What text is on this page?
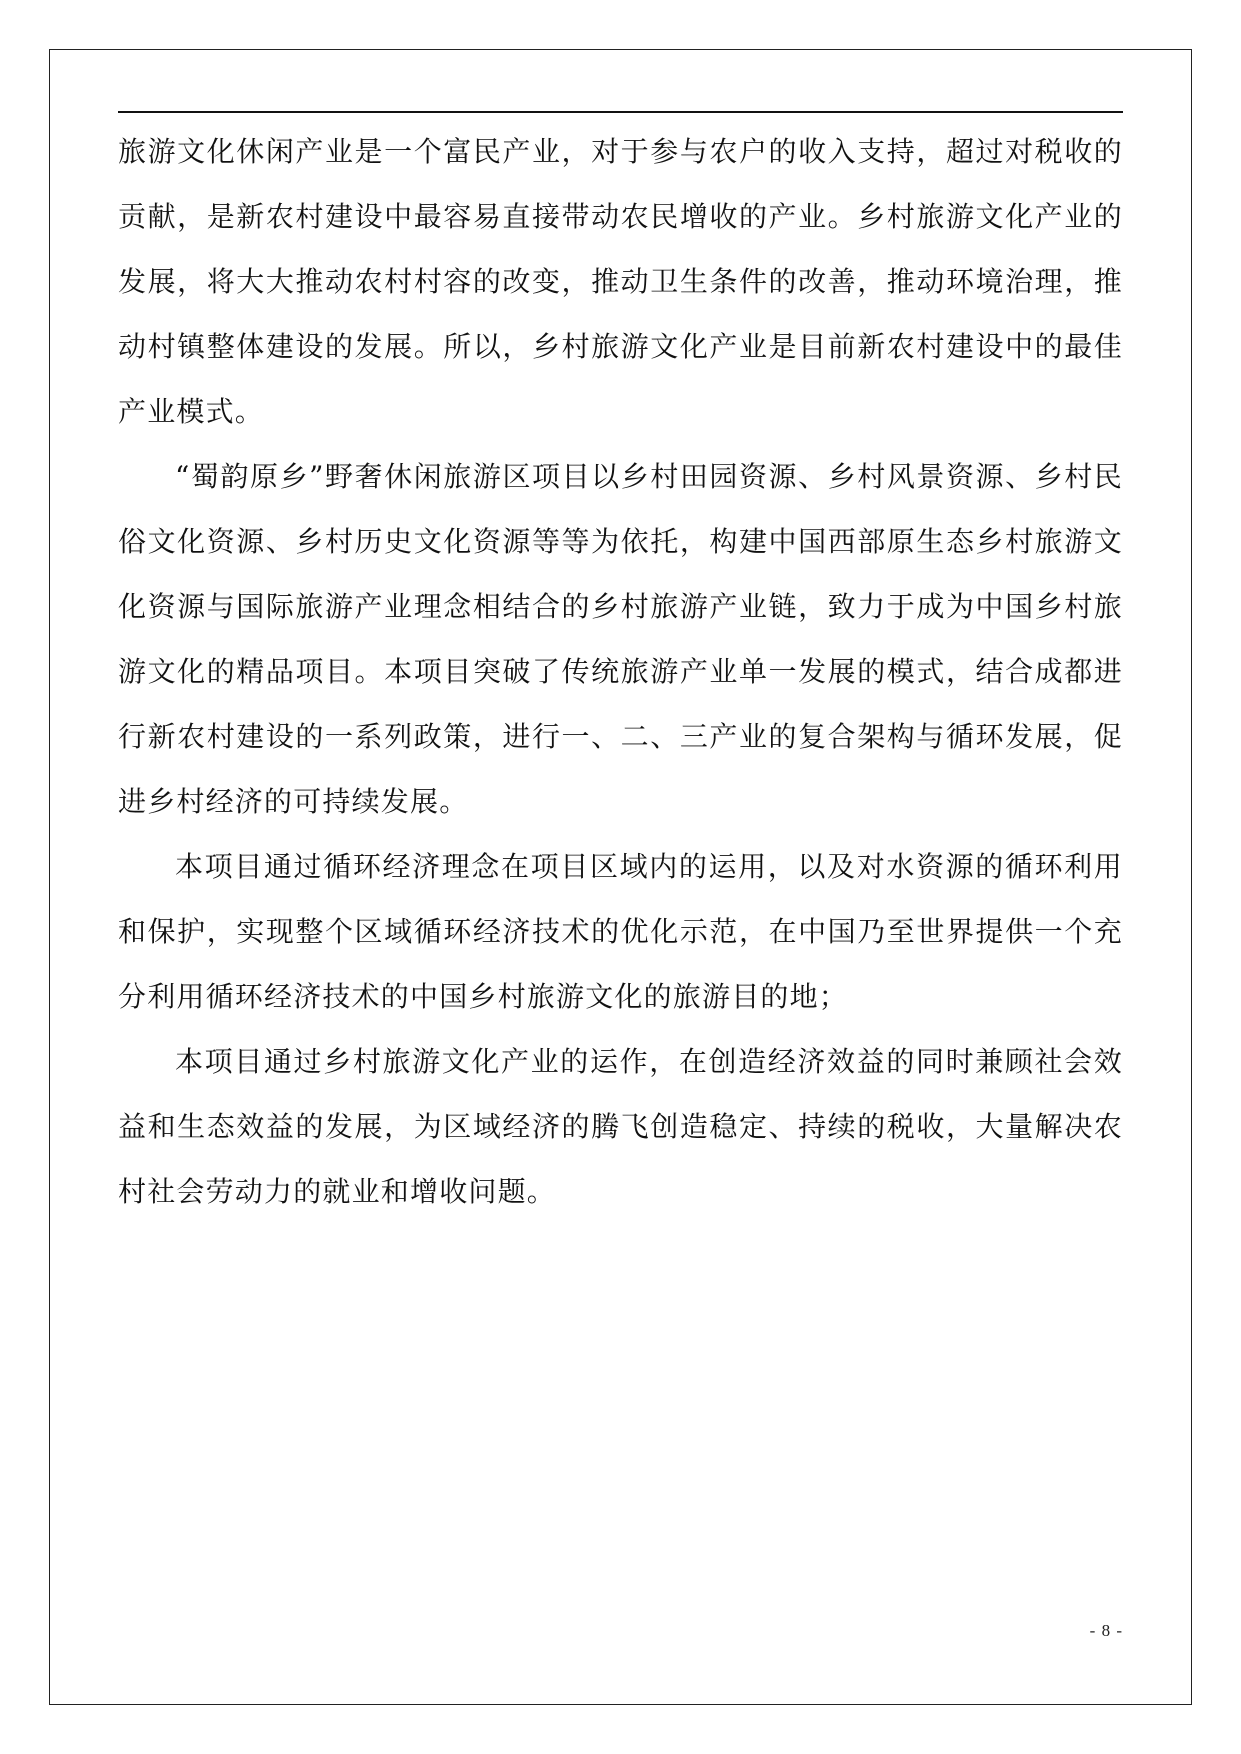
旅游文化休闲产业是一个富民产业，对于参与农户的收入支持，超过对税收的贡献，是新农村建设中最容易直接带动农民增收的产业。乡村旅游文化产业的发展，将大大推动农村村容的改变，推动卫生条件的改善，推动环境治理，推动村镇整体建设的发展。所以，乡村旅游文化产业是目前新农村建设中的最佳产业模式。

“蜀韵原乡”野奢休闲旅游区项目以乡村田园资源、乡村风景资源、乡村民俗文化资源、乡村历史文化资源等等为依托，构建中国西部原生态乡村旅游文化资源与国际旅游产业理念相结合的乡村旅游产业链，致力于成为中国乡村旅游文化的精品项目。本项目突破了传统旅游产业单一发展的模式，结合成都进行新农村建设的一系列政策，进行一、二、三产业的复合架构与循环发展，促进乡村经济的可持续发展。

本项目通过循环经济理念在项目区域内的运用，以及对水资源的循环利用和保护，实现整个区域循环经济技术的优化示范，在中国乃至世界提供一个充分利用循环经济技术的中国乡村旅游文化的旅游目的地；

本项目通过乡村旅游文化产业的运作，在创造经济效益的同时兼顾社会效益和生态效益的发展，为区域经济的腾飞创造稳定、持续的税收，大量解决农村社会劳动力的就业和增收问题。

- 8 -
